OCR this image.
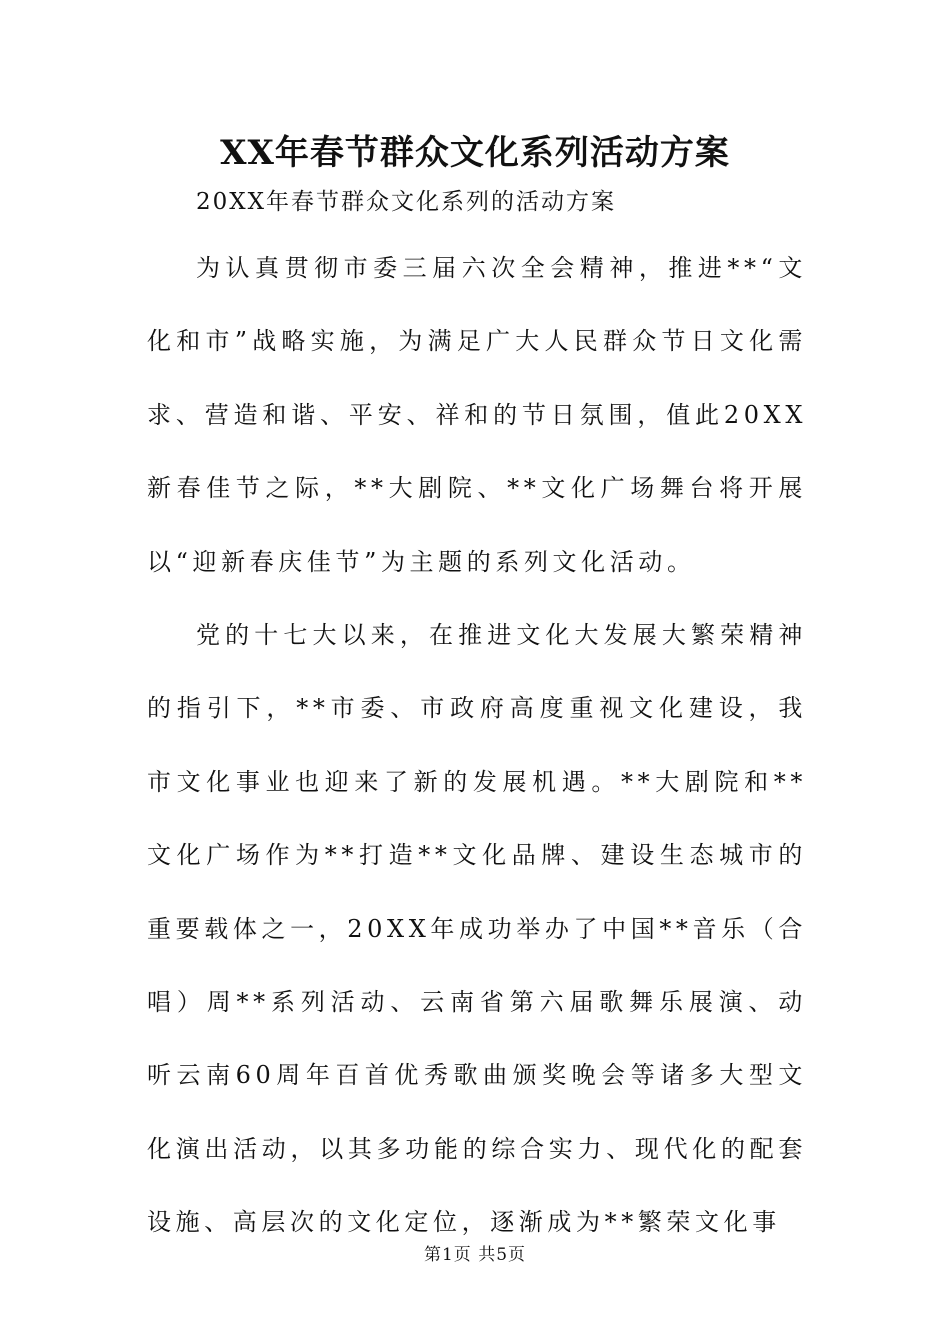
XX年春节群众文化系列活动方案

20XX年春节群众文化系列的活动方案

为认真贯彻市委三届六次全会精神，推进**“文化和市”战略实施，为满足广大人民群众节日文化需求、营造和谐、平安、祥和的节日氛围，值此20XX新春佳节之际，**大剧院、**文化广场舞台将开展以“迎新春庆佳节”为主题的系列文化活动。

党的十七大以来，在推进文化大发展大繁荣精神的指引下，**市委、市政府高度重视文化建设，我市文化事业也迎来了新的发展机遇。**大剧院和**文化广场作为**打造**文化品牌、建设生态城市的重要载体之一，20XX年成功举办了中国**音乐（合唱）周**系列活动、云南省第六届歌舞乐展演、动听云南60周年百首优秀歌曲颁奖晚会等诸多大型文化演出活动，以其多功能的综合实力、现代化的配套设施、高层次的文化定位，逐渐成为**繁荣文化事

第1页 共5页
